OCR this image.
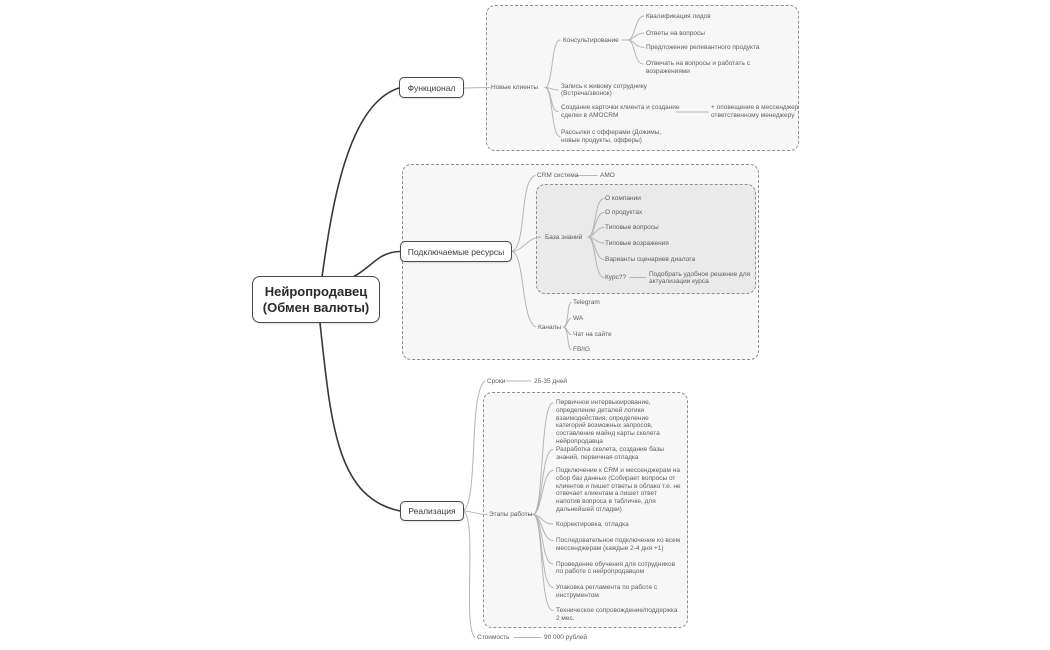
Нейропродавец (Обмен валюты)
Функционал
Подключаемые ресурсы
Реализация
Новые клиенты
Консультирование
Квалификация лидов
Ответы на вопросы
Предложение релевантного продукта
Отвечать на вопросы и работать с возражениями
Запись к живому сотруднику (Встреча/звонок)
Создание карточки клиента и создание сделки в AMOCRM
+ оповещение в мессенджер ответственному менеджеру
Рассылки с офферами (Дожимы, новые продукты, офферы)
CRM система	AMO
База знаний
О компании
О продуктах
Типовые вопросы
Типовые возражения
Варианты сценариев диалога
Курс??	Подобрать удобное решение для актуализации курса
Каналы
Telegram
WA
Чат на сайте
FB/IG
Сроки	25-35 дней
Этапы работы
Первичное интервьюирование, определение деталей логики взаимодействия, определение категорий возможных запросов, составление майнд карты скелета нейропродавца
Разработка скелета, создание базы знаний, первичная отладка
Подключение к CRM и мессенджерам на сбор баз данных (Собирает вопросы от клиентов и пишет ответы в облако т.е. не отвечает клиентам а пишет ответ напотив вопроса в табличке, для дальнейшей отладки)
Корректировка, отладка
Последовательное подключение ко всем мессенджерам (каждые 2-4 дня +1)
Проведение обучения для сотрудников по работе с нейропродавцом
Упаковка регламента по работе с инструментом
Техническое сопровождение/поддержка 2 мес.
Стоимость	90 000 рублей
